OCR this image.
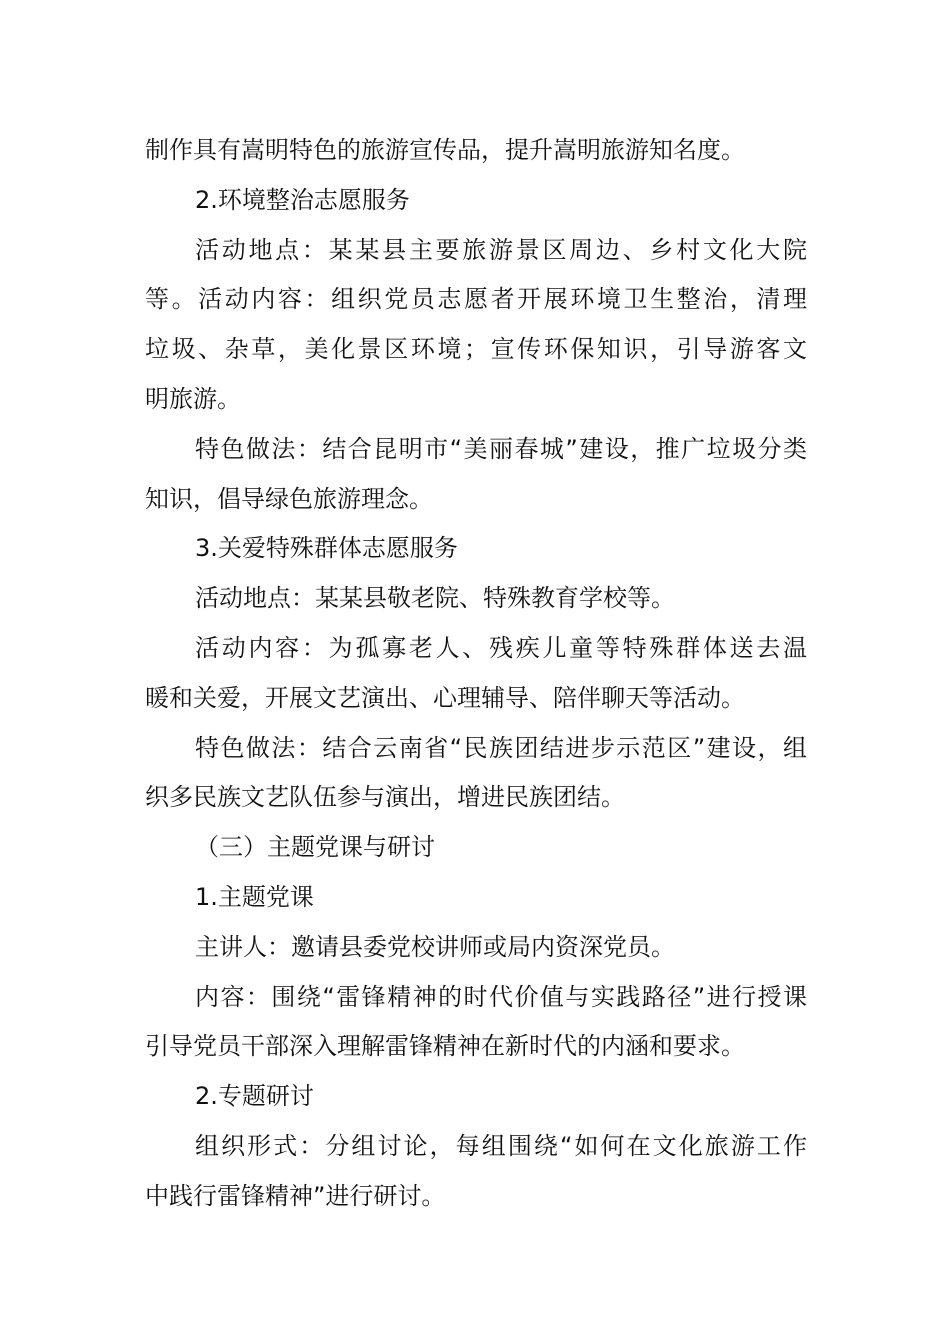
制作具有嵩明特色的旅游宣传品，提升嵩明旅游知名度。
2.环境整治志愿服务
活动地点：某某县主要旅游景区周边、乡村文化大院
等。活动内容：组织党员志愿者开展环境卫生整治，清理
垃圾、杂草，美化景区环境；宣传环保知识，引导游客文
明旅游。
特色做法：结合昆明市“美丽春城”建设，推广垃圾分类
知识，倡导绿色旅游理念。
3.关爱特殊群体志愿服务
活动地点：某某县敬老院、特殊教育学校等。
活动内容：为孤寡老人、残疾儿童等特殊群体送去温
暖和关爱，开展文艺演出、心理辅导、陪伴聊天等活动。
特色做法：结合云南省“民族团结进步示范区”建设，组
织多民族文艺队伍参与演出，增进民族团结。
（三）主题党课与研讨
1.主题党课
主讲人：邀请县委党校讲师或局内资深党员。
内容：围绕“雷锋精神的时代价值与实践路径”进行授课
引导党员干部深入理解雷锋精神在新时代的内涵和要求。
2.专题研讨
组织形式：分组讨论，每组围绕“如何在文化旅游工作
中践行雷锋精神”进行研讨。
